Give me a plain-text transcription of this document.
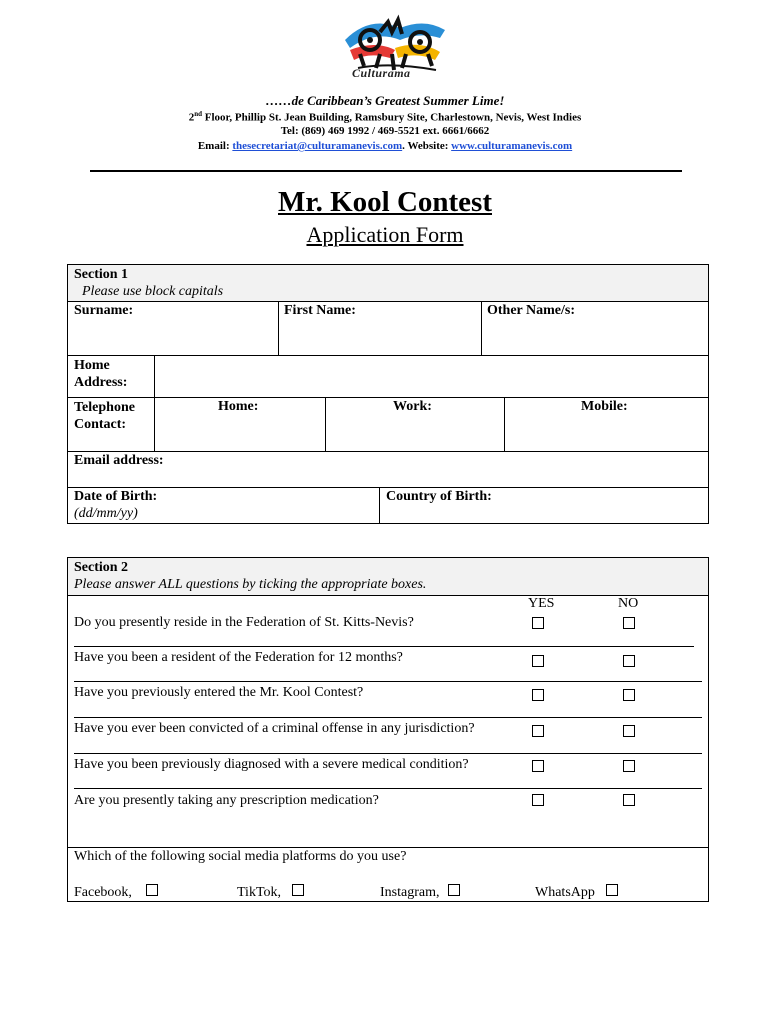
Culturama
……de Caribbean’s Greatest Summer Lime!
2nd Floor, Phillip St. Jean Building, Ramsbury Site, Charlestown, Nevis, West Indies
Tel: (869) 469 1992 / 469-5521 ext. 6661/6662
Email: thesecretariat@culturamanevis.com. Website: www.culturamanevis.com
Mr. Kool Contest
Application Form
Section 1
Please use block capitals
Surname:	First Name:	Other Name/s:
Home
Address:
Telephone
Contact:
Home:	Work:	Mobile:
Email address:
Date of Birth:
(dd/mm/yy)
Country of Birth:
Section 2
Please answer ALL questions by ticking the appropriate boxes.
YES	NO
Do you presently reside in the Federation of St. Kitts-Nevis?
Have you been a resident of the Federation for 12 months?
Have you previously entered the Mr. Kool Contest?
Have you ever been convicted of a criminal offense in any jurisdiction?
Have you been previously diagnosed with a severe medical condition?
Are you presently taking any prescription medication?
Which of the following social media platforms do you use?
Facebook,	TikTok,	Instagram,	WhatsApp
